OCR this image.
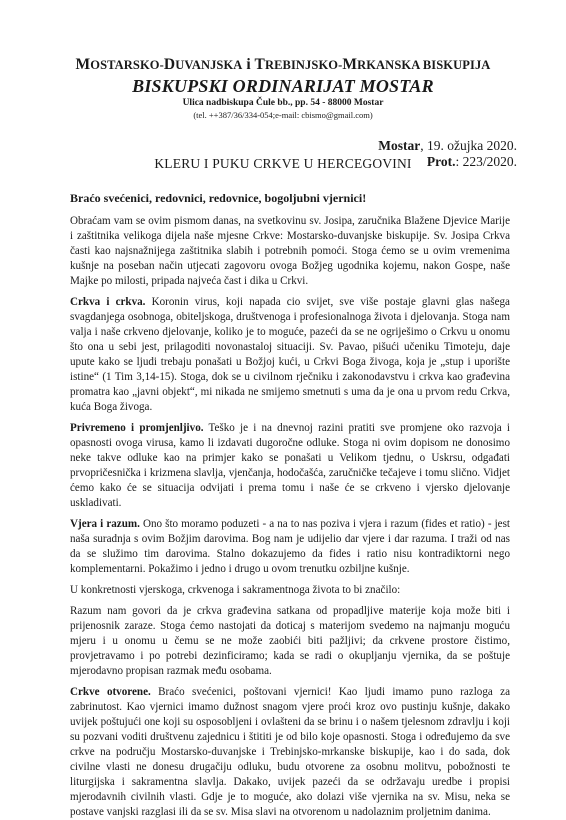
MOSTARSKO-DUVANJSKA i TREBINJSKO-MRKANSKA BISKUPIJA
BISKUPSKI ORDINARIJAT MOSTAR
Ulica nadbiskupa Čule bb., pp. 54 - 88000 Mostar
(tel. ++387/36/334-054;e-mail: cbismo@gmail.com)
Mostar, 19. ožujka 2020.
Prot.: 223/2020.
KLERU I PUKU CRKVE U HERCEGOVINI
Braćo svećenici, redovnici, redovnice, bogoljubni vjernici!
Obraćam vam se ovim pismom danas, na svetkovinu sv. Josipa, zaručnika Blažene Djevice Marije i zaštitnika velikoga dijela naše mjesne Crkve: Mostarsko-duvanjske biskupije. Sv. Josipa Crkva časti kao najsnažnijega zaštitnika slabih i potrebnih pomoći. Stoga ćemo se u ovim vremenima kušnje na poseban način utjecati zagovoru ovoga Božjeg ugodnika kojemu, nakon Gospe, naše Majke po milosti, pripada najveća čast i dika u Crkvi.
Crkva i crkva. Koronin virus, koji napada cio svijet, sve više postaje glavni glas našega svagdanjega osobnoga, obiteljskoga, društvenoga i profesionalnoga života i djelovanja. Stoga nam valja i naše crkveno djelovanje, koliko je to moguće, pazeći da se ne ogriješimo o Crkvu u onomu što ona u sebi jest, prilagoditi novonastaloj situaciji. Sv. Pavao, pišući učeniku Timoteju, daje upute kako se ljudi trebaju ponašati u Božjoj kući, u Crkvi Boga živoga, koja je „stup i uporište istine“ (1 Tim 3,14-15). Stoga, dok se u civilnom rječniku i zakonodavstvu i crkva kao građevina promatra kao „javni objekt“, mi nikada ne smijemo smetnuti s uma da je ona u prvom redu Crkva, kuća Boga živoga.
Privremeno i promjenljivo. Teško je i na dnevnoj razini pratiti sve promjene oko razvoja i opasnosti ovoga virusa, kamo li izdavati dugoročne odluke. Stoga ni ovim dopisom ne donosimo neke takve odluke kao na primjer kako se ponašati u Velikom tjednu, o Uskrsu, odgađati prvopričesnička i krizmena slavlja, vjenčanja, hodočašća, zaručničke tečajeve i tomu slično. Vidjet ćemo kako će se situacija odvijati i prema tomu i naše će se crkveno i vjersko djelovanje uskladivati.
Vjera i razum. Ono što moramo poduzeti - a na to nas poziva i vjera i razum (fides et ratio) - jest naša suradnja s ovim Božjim darovima. Bog nam je udijelio dar vjere i dar razuma. I traži od nas da se služimo tim darovima. Stalno dokazujemo da fides i ratio nisu kontradiktorni nego komplementarni. Pokažimo i jedno i drugo u ovom trenutku ozbiljne kušnje.
U konkretnosti vjerskoga, crkvenoga i sakramentnoga života to bi značilo:
Razum nam govori da je crkva građevina satkana od propadljive materije koja može biti i prijenosnik zaraze. Stoga ćemo nastojati da doticaj s materijom svedemo na najmanju moguću mjeru i u onomu u čemu se ne može zaobići biti pažljivi; da crkvene prostore čistimo, provjetravamo i po potrebi dezinficiramo; kada se radi o okupljanju vjernika, da se poštuje mjerodavno propisan razmak među osobama.
Crkve otvorene. Braćo svećenici, poštovani vjernici! Kao ljudi imamo puno razloga za zabrinutost. Kao vjernici imamo dužnost snagom vjere proći kroz ovo pustinju kušnje, dakako uvijek poštujući one koji su osposobljeni i ovlašteni da se brinu i o našem tjelesnom zdravlju i koji su pozvani voditi društvenu zajednicu i štititi je od bilo koje opasnosti. Stoga i određujemo da sve crkve na području Mostarsko-duvanjske i Trebinjsko-mrkanske biskupije, kao i do sada, dok civilne vlasti ne donesu drugačiju odluku, budu otvorene za osobnu molitvu, pobožnosti te liturgijska i sakramentna slavlja. Dakako, uvijek pazeći da se održavaju uredbe i propisi mjerodavnih civilnih vlasti. Gdje je to moguće, ako dolazi više vjernika na sv. Misu, neka se postave vanjski razglasi ili da se sv. Misa slavi na otvorenom u nadolaznim proljetnim danima.
